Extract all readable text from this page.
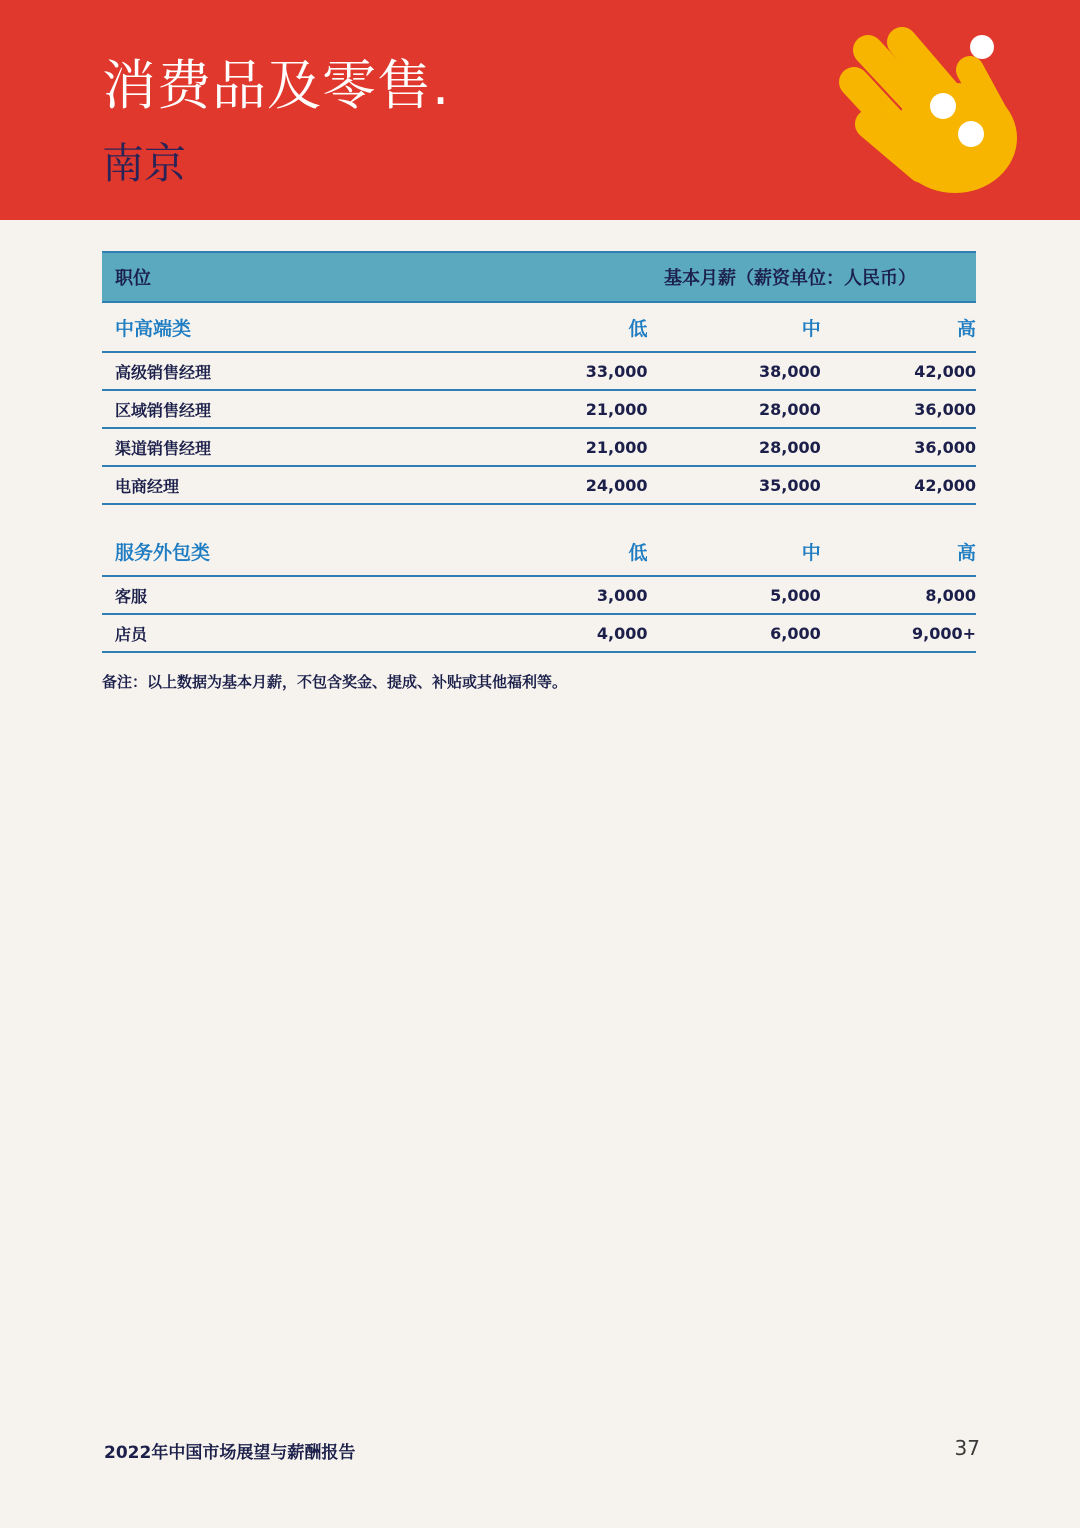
消费品及零售.
南京
职位	基本月薪（薪资单位：人民币）
中高端类	低	中	高
高级销售经理	33,000	38,000	42,000
区域销售经理	21,000	28,000	36,000
渠道销售经理	21,000	28,000	36,000
电商经理	24,000	35,000	42,000
服务外包类	低	中	高
客服	3,000	5,000	8,000
店员	4,000	6,000	9,000+
备注：以上数据为基本月薪，不包含奖金、提成、补贴或其他福利等。
2022年中国市场展望与薪酬报告	37
